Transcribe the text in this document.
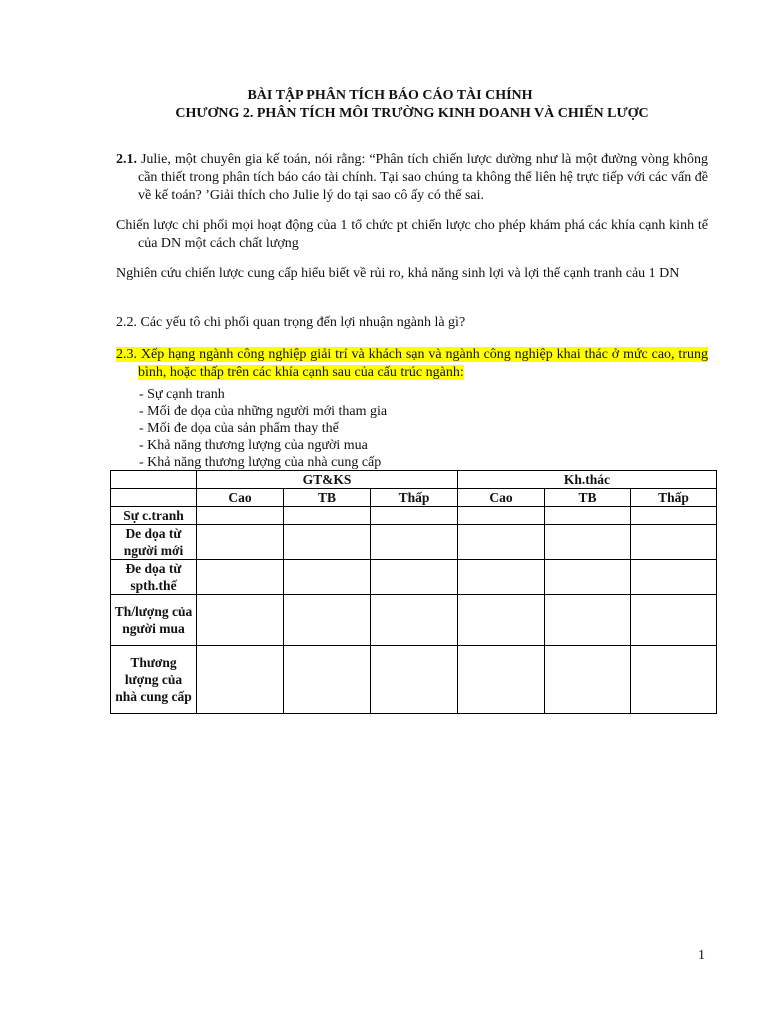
BÀI TẬP PHÂN TÍCH BÁO CÁO TÀI CHÍNH
CHƯƠNG 2. PHÂN TÍCH MÔI TRƯỜNG KINH DOANH VÀ CHIẾN LƯỢC
2.1. Julie, một chuyên gia kế toán, nói rằng: “Phân tích chiến lược dường như là một đường vòng không cần thiết trong phân tích báo cáo tài chính. Tại sao chúng ta không thể liên hệ trực tiếp với các vấn đề về kế toán? ’Giải thích cho Julie lý do tại sao cô ấy có thể sai.
Chiến lược chi phối mọi hoạt động của 1 tổ chức pt chiến lược cho phép khám phá các khía cạnh kinh tế của DN một cách chất lượng
Nghiên cứu chiến lược cung cấp hiểu biết về rủi ro, khả năng sinh lợi và lợi thế cạnh tranh cảu 1 DN
2.2. Các yếu tô chi phối quan trọng đến lợi nhuận ngành là gì?
2.3. Xếp hạng ngành công nghiệp giải trí và khách sạn và ngành công nghiệp khai thác ở mức cao, trung bình, hoặc thấp trên các khía cạnh sau của cấu trúc ngành:
- Sự cạnh tranh
- Mối đe dọa của những người mới tham gia
- Mối đe dọa của sản phẩm thay thế
- Khả năng thương lượng của người mua
- Khả năng thương lượng của nhà cung cấp
	GT&KS			Kh.thác		
	Cao	TB	Thấp	Cao	TB	Thấp
Sự c.tranh						
De dọa từ người mới						
Đe dọa từ spth.thế						
Th/lượng của người mua						
Thương lượng của nhà cung cấp						
1
